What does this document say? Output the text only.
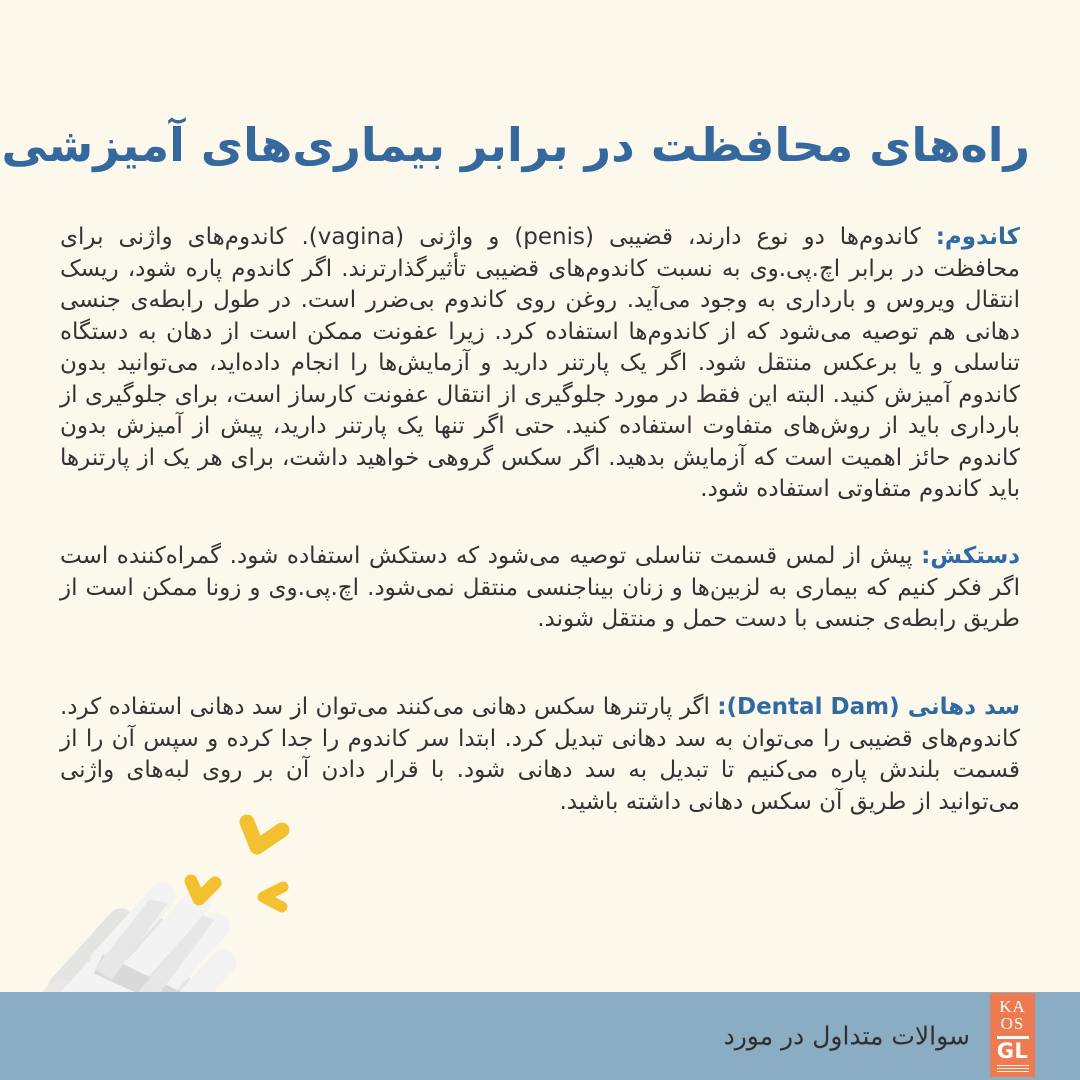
راه‌های محافظت در برابر بیماری‌های آمیزشی

کاندوم: کاندوم‌ها دو نوع دارند، قضیبی (penis) و واژنی (vagina). کاندوم‌های واژنی برای محافظت در برابر اچ.پی.وی به نسبت کاندوم‌های قضیبی تأثیرگذارترند. اگر کاندوم پاره شود، ریسک انتقال ویروس و بارداری به وجود می‌آید. روغن روی کاندوم بی‌ضرر است. در طول رابطه‌ی جنسی دهانی هم توصیه می‌شود که از کاندوم‌ها استفاده کرد. زیرا عفونت ممکن است از دهان به دستگاه تناسلی و یا برعکس منتقل شود. اگر یک پارتنر دارید و آزمایش‌ها را انجام داده‌اید، می‌توانید بدون کاندوم آمیزش کنید. البته این فقط در مورد جلوگیری از انتقال عفونت کارساز است، برای جلوگیری از بارداری باید از روش‌های متفاوت استفاده کنید. حتی اگر تنها یک پارتنر دارید، پیش از آمیزش بدون کاندوم حائز اهمیت است که آزمایش بدهید. اگر سکس گروهی خواهید داشت، برای هر یک از پارتنرها باید کاندوم متفاوتی استفاده شود.

دستکش: پیش از لمس قسمت تناسلی توصیه می‌شود که دستکش استفاده شود. گمراه‌کننده است اگر فکر کنیم که بیماری به لزبین‌ها و زنان بیناجنسی منتقل نمی‌شود. اچ.پی.وی و زونا ممکن است از طریق رابطه‌ی جنسی با دست حمل و منتقل شوند.

سد دهانی (Dental Dam): اگر پارتنرها سکس دهانی می‌کنند می‌توان از سد دهانی استفاده کرد. کاندوم‌های قضیبی را می‌توان به سد دهانی تبدیل کرد. ابتدا سر کاندوم را جدا کرده و سپس آن را از قسمت بلندش پاره می‌کنیم تا تبدیل به سد دهانی شود. با قرار دادن آن بر روی لبه‌های واژنی می‌توانید از طریق آن سکس دهانی داشته باشید.

سوالات متداول در مورد
KA
OS
GL
